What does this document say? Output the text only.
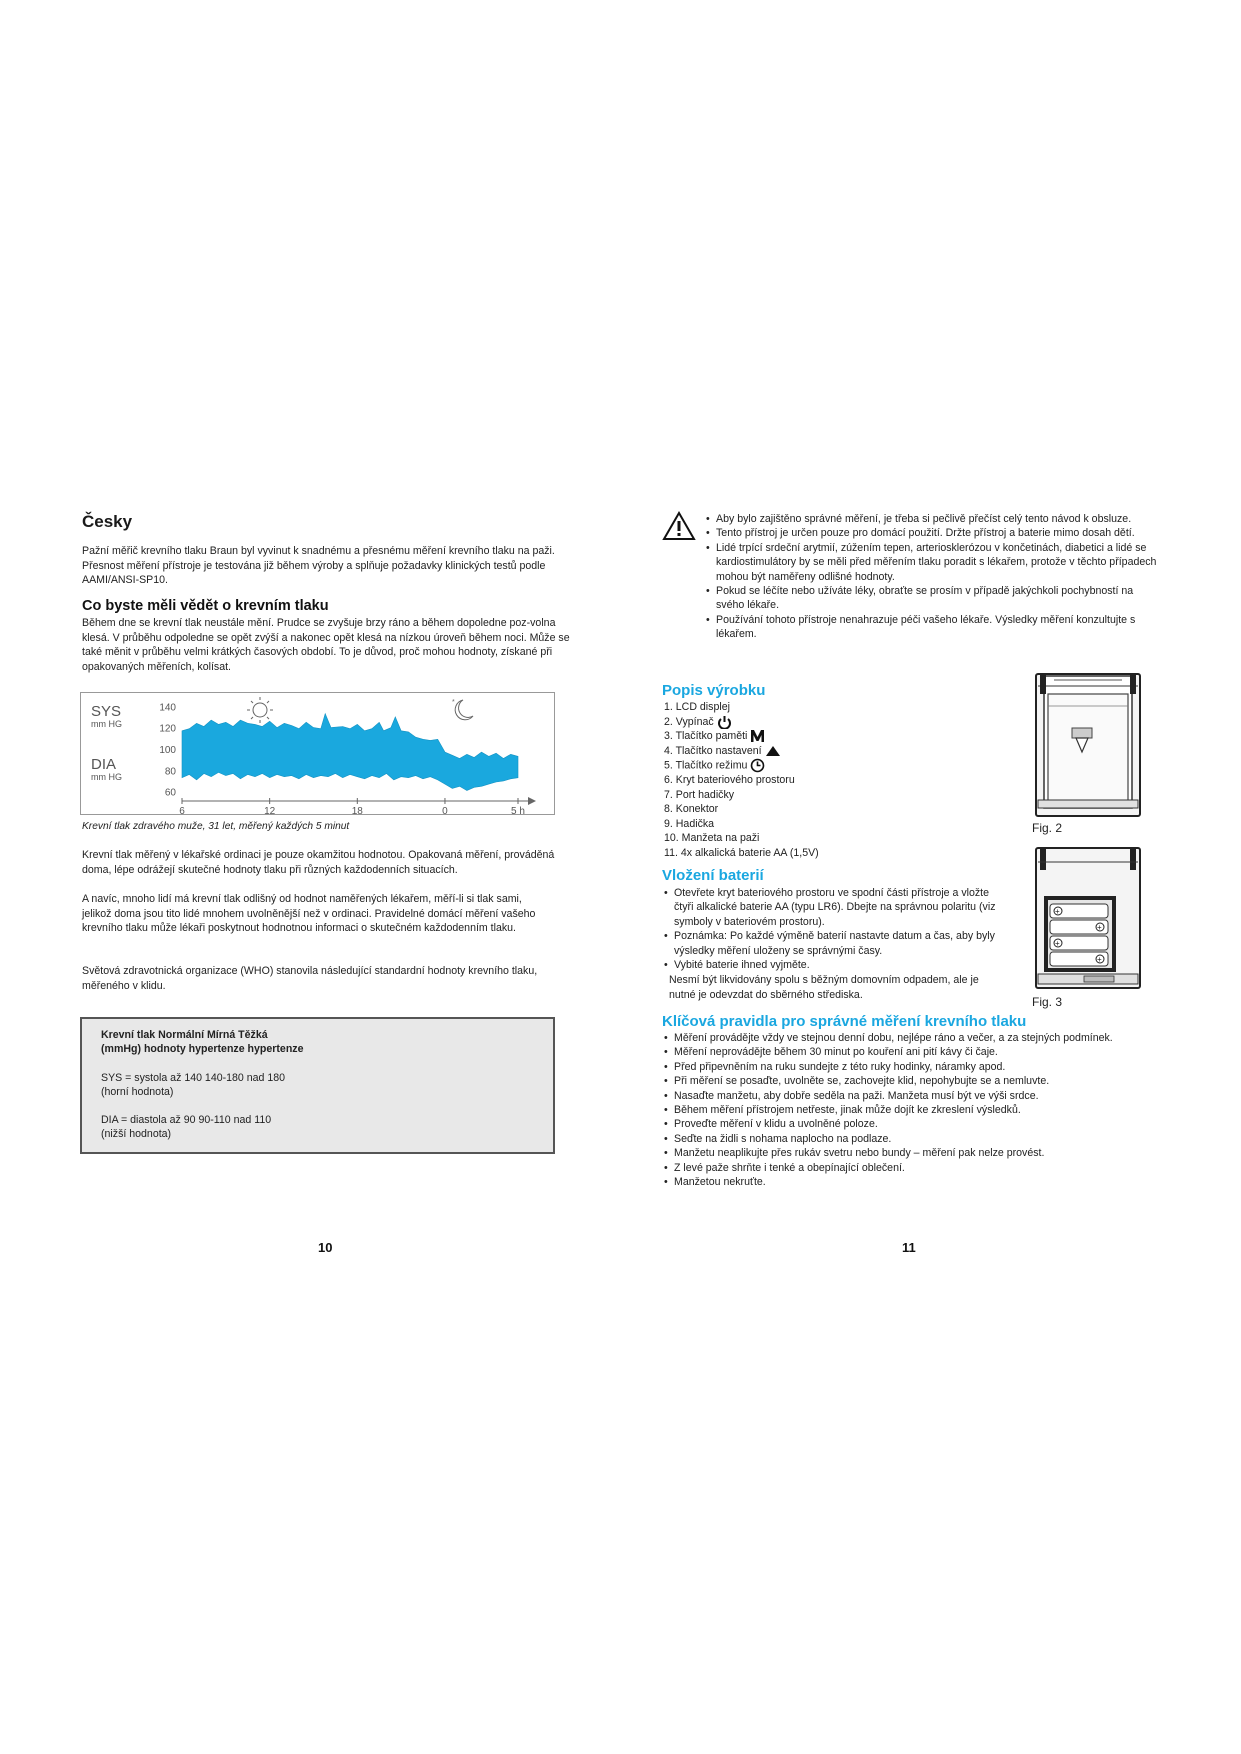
Česky

Pažní měřič krevního tlaku Braun byl vyvinut k snadnému a přesnému měření krevního tlaku na paži. Přesnost měření přístroje je testována již během výroby a splňuje požadavky klinických testů podle AAMI/ANSI-SP10.

Co byste měli vědět o krevním tlaku

Během dne se krevní tlak neustále mění. Prudce se zvyšuje brzy ráno a během dopoledne poz-volna klesá. V průběhu odpoledne se opět zvýší a nakonec opět klesá na nízkou úroveň během noci. Může se také měnit v průběhu velmi krátkých časových období. To je důvod, proč mohou hodnoty, získané při opakovaných měřeních, kolísat.

SYS
mm HG
DIA
mm HG
140
120
100
80
60
6	12	18	0	5 h
*

Krevní tlak zdravého muže, 31 let, měřený každých 5 minut

Krevní tlak měřený v lékařské ordinaci je pouze okamžitou hodnotou. Opakovaná měření, prováděná doma, lépe odrážejí skutečné hodnoty tlaku při různých každodenních situacích.

A navíc, mnoho lidí má krevní tlak odlišný od hodnot naměřených lékařem, měří-li si tlak sami, jelikož doma jsou tito lidé mnohem uvolněnější než v ordinaci. Pravidelné domácí měření vašeho krevního tlaku může lékaři poskytnout hodnotnou informaci o skutečném každodenním tlaku.

Světová zdravotnická organizace (WHO) stanovila následující standardní hodnoty krevního tlaku, měřeného v klidu.

Krevní tlak Normální Mírná Těžká
(mmHg) hodnoty hypertenze hypertenze
SYS = systola až 140 140-180 nad 180
(horní hodnota)
DIA = diastola až 90 90-110 nad 110
(nižší hodnota)
10
• Aby bylo zajištěno správné měření, je třeba si pečlivě přečíst celý tento návod k obsluze.
• Tento přístroj je určen pouze pro domácí použití. Držte přístroj a baterie mimo dosah dětí.
• Lidé trpící srdeční arytmií, zúžením tepen, arteriosklerózou v končetinách, diabetici a lidé se kardiostimulátory by se měli před měřením tlaku poradit s lékařem, protože v těchto případech mohou být naměřeny odlišné hodnoty.
• Pokud se léčíte nebo užíváte léky, obraťte se prosím v případě jakýchkoli pochybností na svého lékaře.
• Používání tohoto přístroje nenahrazuje péči vašeho lékaře. Výsledky měření konzultujte s lékařem.
Popis výrobku
1. LCD displej
2. Vypínač
3. Tlačítko paměti
4. Tlačítko nastavení
5. Tlačítko režimu
6. Kryt bateriového prostoru
7. Port hadičky
8. Konektor
9. Hadička
10. Manžeta na paži
11. 4x alkalická baterie AA (1,5V)
Fig. 2
Vložení baterií
• Otevřete kryt bateriového prostoru ve spodní části přístroje a vložte čtyři alkalické baterie AA (typu LR6). Dbejte na správnou polaritu (viz symboly v bateriovém prostoru).
• Poznámka: Po každé výměně baterií nastavte datum a čas, aby byly výsledky měření uloženy se správnými časy.
• Vybité baterie ihned vyjměte.

Nesmí být likvidovány spolu s běžným domovním odpadem, ale je nutné je odevzdat do sběrného střediska.

+
+
+
+
Fig. 3
Klíčová pravidla pro správné měření krevního tlaku
• Měření provádějte vždy ve stejnou denní dobu, nejlépe ráno a večer, a za stejných podmínek.
• Měření neprovádějte během 30 minut po kouření ani pití kávy či čaje.
• Před připevněním na ruku sundejte z této ruky hodinky, náramky apod.
• Při měření se posaďte, uvolněte se, zachovejte klid, nepohybujte se a nemluvte.
• Nasaďte manžetu, aby dobře seděla na paži. Manžeta musí být ve výši srdce.
• Během měření přístrojem netřeste, jinak může dojít ke zkreslení výsledků.
• Proveďte měření v klidu a uvolněné poloze.
• Seďte na židli s nohama naplocho na podlaze.
• Manžetu neaplikujte přes rukáv svetru nebo bundy – měření pak nelze provést.
• Z levé paže shrňte i tenké a obepínající oblečení.
• Manžetou nekruťte.
11
